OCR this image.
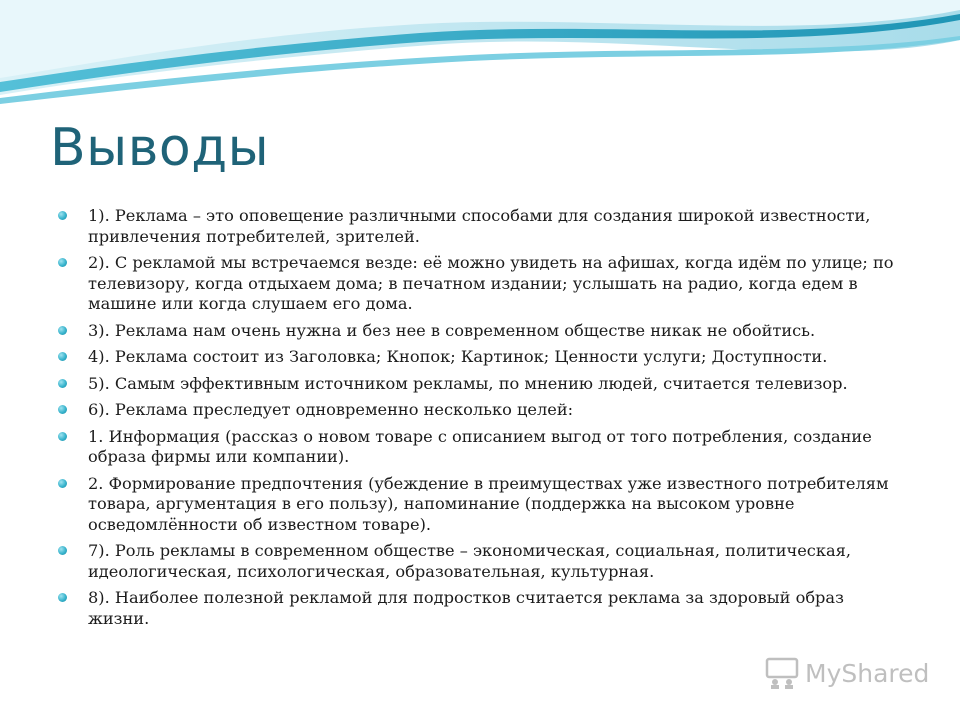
Выводы
1). Реклама – это оповещение различными способами для создания широкой известности, привлечения потребителей, зрителей.
2). С рекламой мы встречаемся везде: её можно увидеть на афишах, когда идём по улице; по телевизору, когда отдыхаем дома; в печатном издании; услышать на радио, когда едем в машине или когда слушаем его дома.
3). Реклама нам очень нужна и без нее в современном обществе никак не обойтись.
4). Реклама состоит из Заголовка; Кнопок; Картинок; Ценности услуги; Доступности.
5). Самым эффективным источником рекламы, по мнению людей, считается телевизор.
6). Реклама преследует одновременно несколько целей:
1. Информация (рассказ о новом товаре с описанием выгод от того потребления, создание образа фирмы или компании).
2. Формирование предпочтения (убеждение в преимуществах уже известного потребителям товара, аргументация в его пользу), напоминание (поддержка на высоком уровне осведомлённости об известном товаре).
7). Роль рекламы в современном обществе – экономическая, социальная, политическая, идеологическая, психологическая, образовательная, культурная.
8). Наиболее полезной рекламой для подростков считается реклама за здоровый образ жизни.
MyShared
